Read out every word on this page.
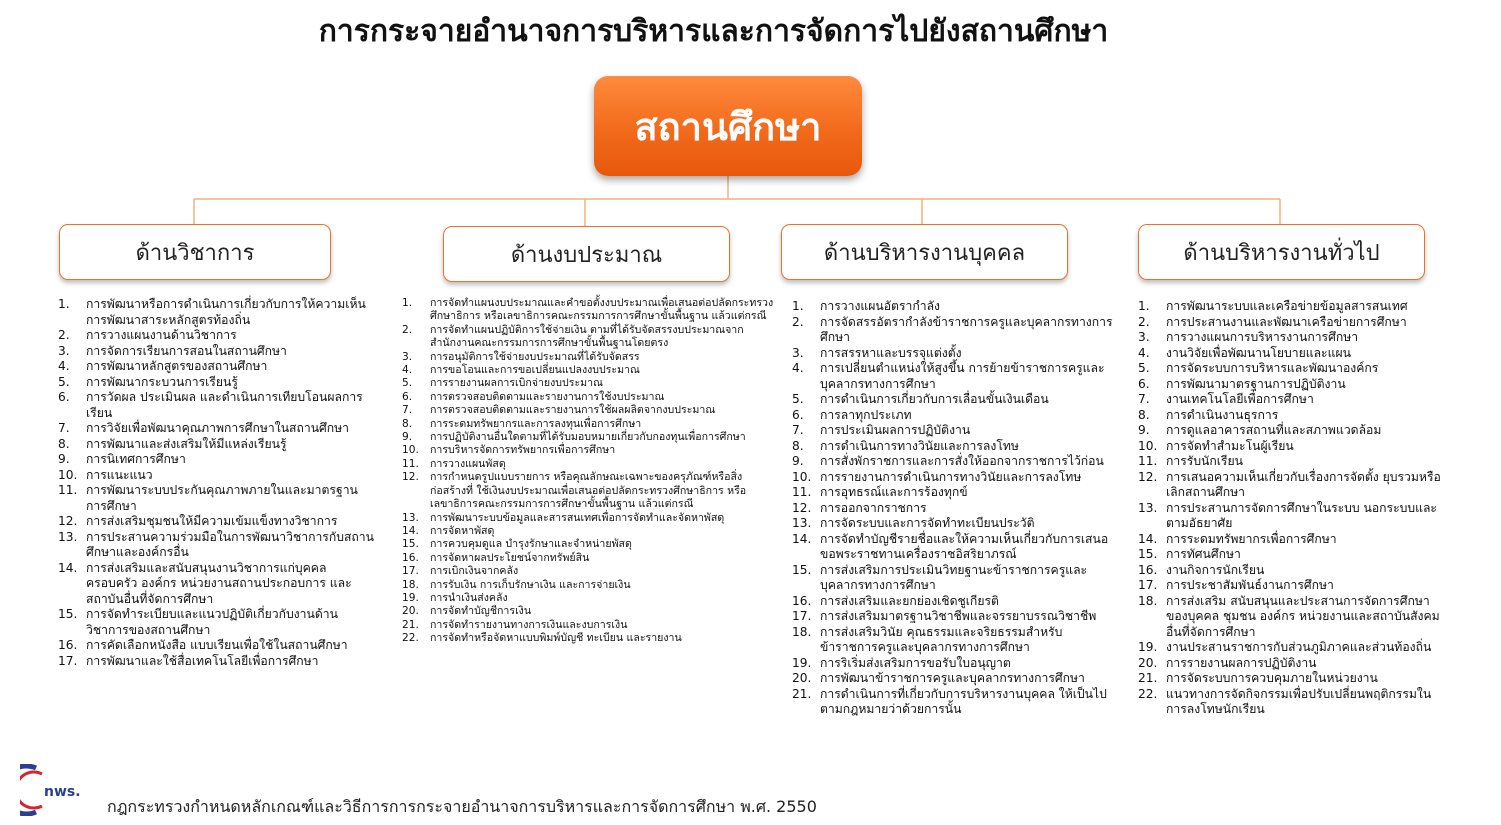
การกระจายอำนาจการบริหารและการจัดการไปยังสถานศึกษา
สถานศึกษา
ด้านวิชาการ	ด้านงบประมาณ	ด้านบริหารงานบุคคล	ด้านบริหารงานทั่วไป
1. การพัฒนาหรือการดำเนินการเกี่ยวกับการให้ความเห็นการพัฒนาสาระหลักสูตรท้องถิ่น
2. การวางแผนงานด้านวิชาการ
3. การจัดการเรียนการสอนในสถานศึกษา
4. การพัฒนาหลักสูตรของสถานศึกษา
5. การพัฒนากระบวนการเรียนรู้
6. การวัดผล ประเมินผล และดำเนินการเทียบโอนผลการเรียน
7. การวิจัยเพื่อพัฒนาคุณภาพการศึกษาในสถานศึกษา
8. การพัฒนาและส่งเสริมให้มีแหล่งเรียนรู้
9. การนิเทศการศึกษา
10. การแนะแนว
11. การพัฒนาระบบประกันคุณภาพภายในและมาตรฐานการศึกษา
12. การส่งเสริมชุมชนให้มีความเข้มแข็งทางวิชาการ
13. การประสานความร่วมมือในการพัฒนาวิชาการกับสถานศึกษาและองค์กรอื่น
14. การส่งเสริมและสนับสนุนงานวิชาการแก่บุคคล ครอบครัว องค์กร หน่วยงานสถานประกอบการ และสถาบันอื่นที่จัดการศึกษา
15. การจัดทำระเบียบและแนวปฏิบัติเกี่ยวกับงานด้านวิชาการของสถานศึกษา
16. การคัดเลือกหนังสือ แบบเรียนเพื่อใช้ในสถานศึกษา
17. การพัฒนาและใช้สื่อเทคโนโลยีเพื่อการศึกษา
1. การจัดทำแผนงบประมาณและคำขอตั้งงบประมาณเพื่อเสนอต่อปลัดกระทรวงศึกษาธิการ หรือเลขาธิการคณะกรรมการการศึกษาขั้นพื้นฐาน แล้วแต่กรณี
2. การจัดทำแผนปฏิบัติการใช้จ่ายเงิน ตามที่ได้รับจัดสรรงบประมาณจากสำนักงานคณะกรรมการการศึกษาขั้นพื้นฐานโดยตรง
3. การอนุมัติการใช้จ่ายงบประมาณที่ได้รับจัดสรร
4. การขอโอนและการขอเปลี่ยนแปลงงบประมาณ
5. การรายงานผลการเบิกจ่ายงบประมาณ
6. การตรวจสอบติดตามและรายงานการใช้งบประมาณ
7. การตรวจสอบติดตามและรายงานการใช้ผลผลิตจากงบประมาณ
8. การระดมทรัพยากรและการลงทุนเพื่อการศึกษา
9. การปฏิบัติงานอื่นใดตามที่ได้รับมอบหมายเกี่ยวกับกองทุนเพื่อการศึกษา
10. การบริหารจัดการทรัพยากรเพื่อการศึกษา
11. การวางแผนพัสดุ
12. การกำหนดรูปแบบรายการ หรือคุณลักษณะเฉพาะของครุภัณฑ์หรือสิ่งก่อสร้างที่ ใช้เงินงบประมาณเพื่อเสนอต่อปลัดกระทรวงศึกษาธิการ หรือเลขาธิการคณะกรรมการการศึกษาขั้นพื้นฐาน แล้วแต่กรณี
13. การพัฒนาระบบข้อมูลและสารสนเทศเพื่อการจัดทำและจัดหาพัสดุ
14. การจัดหาพัสดุ
15. การควบคุมดูแล บำรุงรักษาและจำหน่ายพัสดุ
16. การจัดหาผลประโยชน์จากทรัพย์สิน
17. การเบิกเงินจากคลัง
18. การรับเงิน การเก็บรักษาเงิน และการจ่ายเงิน
19. การนำเงินส่งคลัง
20. การจัดทำบัญชีการเงิน
21. การจัดทำรายงานทางการเงินและงบการเงิน
22. การจัดทำหรือจัดหาแบบพิมพ์บัญชี ทะเบียน และรายงาน
1. การวางแผนอัตรากำลัง
2. การจัดสรรอัตรากำลังข้าราชการครูและบุคลากรทางการศึกษา
3. การสรรหาและบรรจุแต่งตั้ง
4. การเปลี่ยนตำแหน่งให้สูงขึ้น การย้ายข้าราชการครูและบุคลากรทางการศึกษา
5. การดำเนินการเกี่ยวกับการเลื่อนขั้นเงินเดือน
6. การลาทุกประเภท
7. การประเมินผลการปฏิบัติงาน
8. การดำเนินการทางวินัยและการลงโทษ
9. การสั่งพักราชการและการสั่งให้ออกจากราชการไว้ก่อน
10. การรายงานการดำเนินการทางวินัยและการลงโทษ
11. การอุทธรณ์และการร้องทุกข์
12. การออกจากราชการ
13. การจัดระบบและการจัดทำทะเบียนประวัติ
14. การจัดทำบัญชีรายชื่อและให้ความเห็นเกี่ยวกับการเสนอขอพระราชทานเครื่องราชอิสริยาภรณ์
15. การส่งเสริมการประเมินวิทยฐานะข้าราชการครูและบุคลากรทางการศึกษา
16. การส่งเสริมและยกย่องเชิดชูเกียรติ
17. การส่งเสริมมาตรฐานวิชาชีพและจรรยาบรรณวิชาชีพ
18. การส่งเสริมวินัย คุณธรรมและจริยธรรมสำหรับข้าราชการครูและบุคลากรทางการศึกษา
19. การริเริ่มส่งเสริมการขอรับใบอนุญาต
20. การพัฒนาข้าราชการครูและบุคลากรทางการศึกษา
21. การดำเนินการที่เกี่ยวกับการบริหารงานบุคคล ให้เป็นไปตามกฎหมายว่าด้วยการนั้น
1. การพัฒนาระบบและเครือข่ายข้อมูลสารสนเทศ
2. การประสานงานและพัฒนาเครือข่ายการศึกษา
3. การวางแผนการบริหารงานการศึกษา
4. งานวิจัยเพื่อพัฒนานโยบายและแผน
5. การจัดระบบการบริหารและพัฒนาองค์กร
6. การพัฒนามาตรฐานการปฏิบัติงาน
7. งานเทคโนโลยีเพื่อการศึกษา
8. การดำเนินงานธุรการ
9. การดูแลอาคารสถานที่และสภาพแวดล้อม
10. การจัดทำสำมะโนผู้เรียน
11. การรับนักเรียน
12. การเสนอความเห็นเกี่ยวกับเรื่องการจัดตั้ง ยุบรวมหรือเลิกสถานศึกษา
13. การประสานการจัดการศึกษาในระบบ นอกระบบและตามอัธยาศัย
14. การระดมทรัพยากรเพื่อการศึกษา
15. การทัศนศึกษา
16. งานกิจการนักเรียน
17. การประชาสัมพันธ์งานการศึกษา
18. การส่งเสริม สนับสนุนและประสานการจัดการศึกษาของบุคคล ชุมชน องค์กร หน่วยงานและสถาบันสังคมอื่นที่จัดการศึกษา
19. งานประสานราชการกับส่วนภูมิภาคและส่วนท้องถิ่น
20. การรายงานผลการปฏิบัติงาน
21. การจัดระบบการควบคุมภายในหน่วยงาน
22. แนวทางการจัดกิจกรรมเพื่อปรับเปลี่ยนพฤติกรรมในการลงโทษนักเรียน
nws.
กฎกระทรวงกำหนดหลักเกณฑ์และวิธีการการกระจายอำนาจการบริหารและการจัดการศึกษา พ.ศ. 2550
